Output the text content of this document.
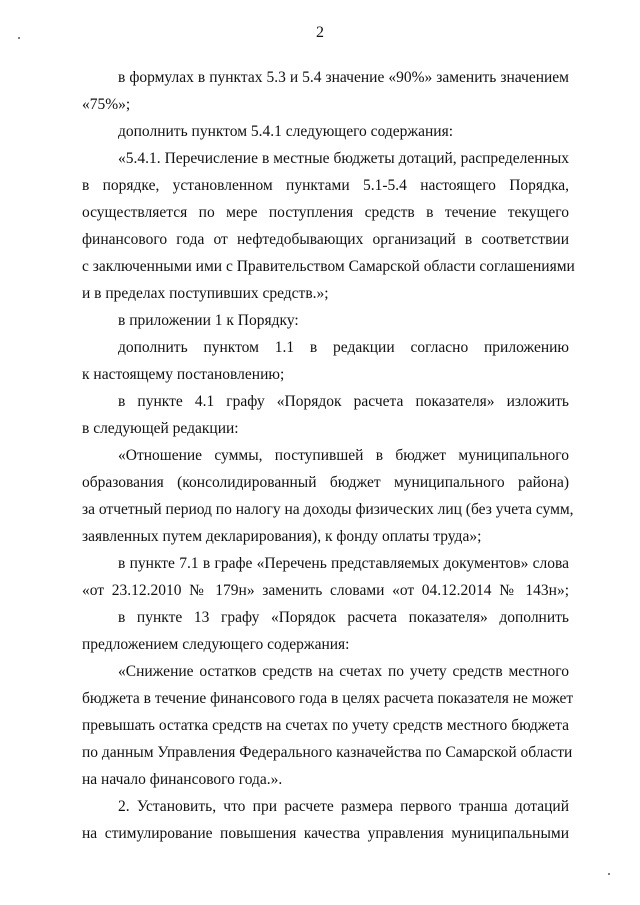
2
в формулах в пунктах 5.3 и 5.4 значение «90%» заменить значением
«75%»;
дополнить пунктом 5.4.1 следующего содержания:
«5.4.1. Перечисление в местные бюджеты дотаций, распределенных
в порядке, установленном пунктами 5.1-5.4 настоящего Порядка,
осуществляется по мере поступления средств в течение текущего
финансового года от нефтедобывающих организаций в соответствии
с заключенными ими с Правительством Самарской области соглашениями
и в пределах поступивших средств.»;
в приложении 1 к Порядку:
дополнить пунктом 1.1 в редакции согласно приложению
к настоящему постановлению;
в пункте 4.1 графу «Порядок расчета показателя» изложить
в следующей редакции:
«Отношение суммы, поступившей в бюджет муниципального
образования (консолидированный бюджет муниципального района)
за отчетный период по налогу на доходы физических лиц (без учета сумм,
заявленных путем декларирования), к фонду оплаты труда»;
в пункте 7.1 в графе «Перечень представляемых документов» слова
«от 23.12.2010 № 179н» заменить словами «от 04.12.2014 № 143н»;
в пункте 13 графу «Порядок расчета показателя» дополнить
предложением следующего содержания:
«Снижение остатков средств на счетах по учету средств местного
бюджета в течение финансового года в целях расчета показателя не может
превышать остатка средств на счетах по учету средств местного бюджета
по данным Управления Федерального казначейства по Самарской области
на начало финансового года.».
2. Установить, что при расчете размера первого транша дотаций
на стимулирование повышения качества управления муниципальными
